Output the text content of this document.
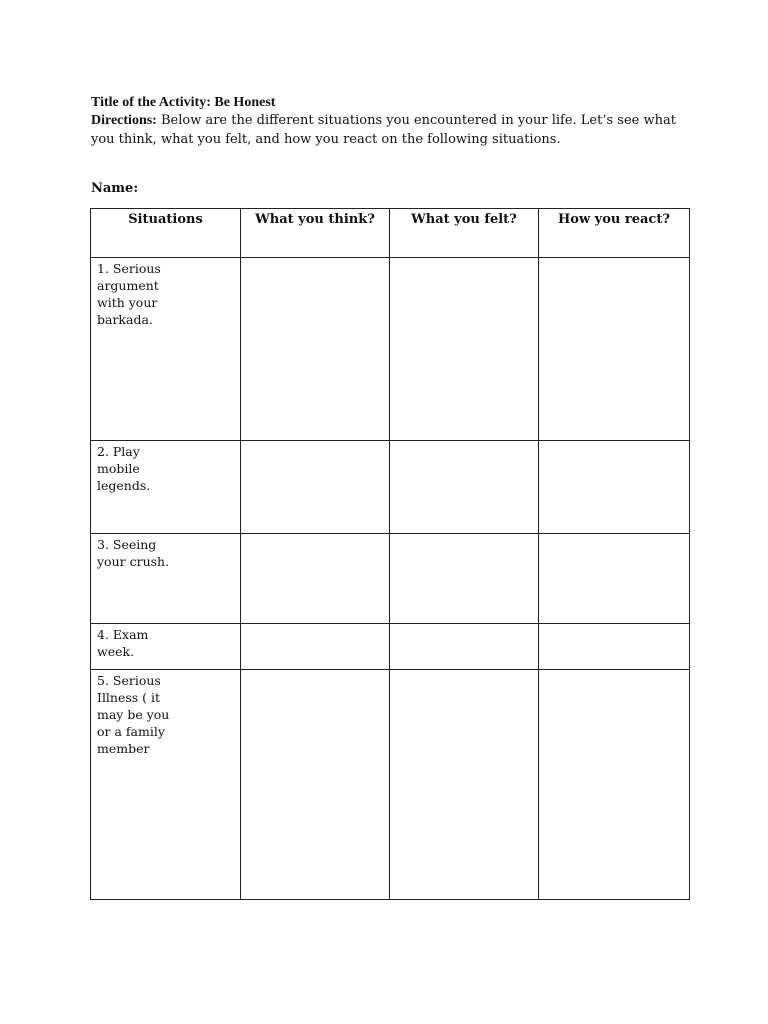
Title of the Activity: Be Honest
Directions: Below are the different situations you encountered in your life. Let’s see what you think, what you felt, and how you react on the following situations.
Name:
Situations	What you think?	What you felt?	How you react?

1. Serious argument with your barkada.			

2. Play mobile legends.			

3. Seeing your crush.			

4. Exam week.			

5. Serious Illness ( it may be you or a family member			
